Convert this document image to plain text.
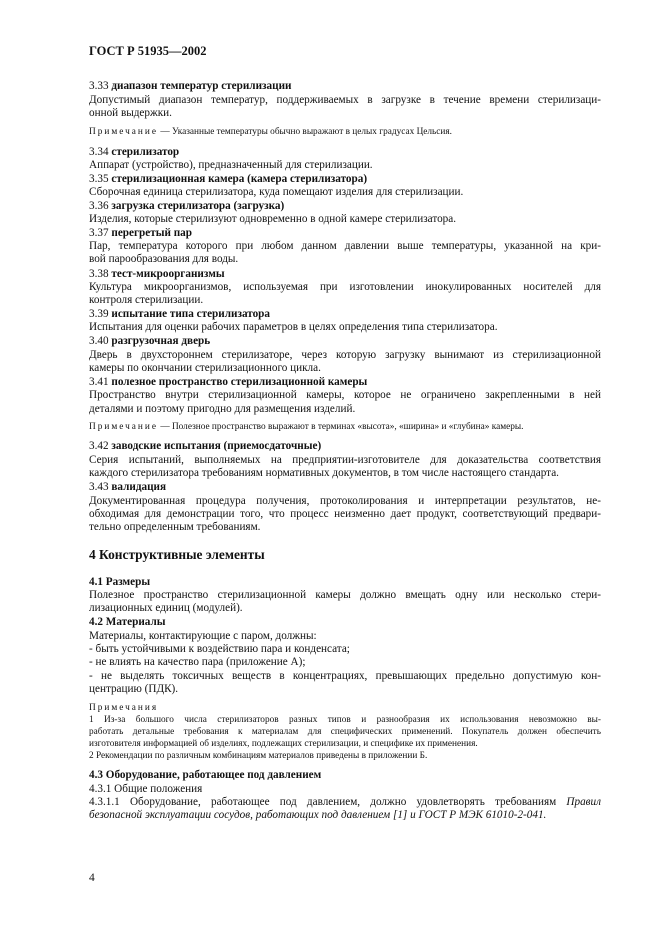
ГОСТ Р 51935—2002
3.33 диапазон температур стерилизации
Допустимый диапазон температур, поддерживаемых в загрузке в течение времени стерилизаци-
онной выдержки.
Примечание — Указанные температуры обычно выражают в целых градусах Цельсия.
3.34 стерилизатор
Аппарат (устройство), предназначенный для стерилизации.
3.35 стерилизационная камера (камера стерилизатора)
Сборочная единица стерилизатора, куда помещают изделия для стерилизации.
3.36 загрузка стерилизатора (загрузка)
Изделия, которые стерилизуют одновременно в одной камере стерилизатора.
3.37 перегретый пар
Пар, температура которого при любом данном давлении выше температуры, указанной на кри-
вой парообразования для воды.
3.38 тест-микроорганизмы
Культура микроорганизмов, используемая при изготовлении инокулированных носителей для
контроля стерилизации.
3.39 испытание типа стерилизатора
Испытания для оценки рабочих параметров в целях определения типа стерилизатора.
3.40 разгрузочная дверь
Дверь в двухстороннем стерилизаторе, через которую загрузку вынимают из стерилизационной
камеры по окончании стерилизационного цикла.
3.41 полезное пространство стерилизационной камеры
Пространство внутри стерилизационной камеры, которое не ограничено закрепленными в ней
деталями и поэтому пригодно для размещения изделий.
Примечание — Полезное пространство выражают в терминах «высота», «ширина» и «глубина» камеры.
3.42 заводские испытания (приемосдаточные)
Серия испытаний, выполняемых на предприятии-изготовителе для доказательства соответствия
каждого стерилизатора требованиям нормативных документов, в том числе настоящего стандарта.
3.43 валидация
Документированная процедура получения, протоколирования и интерпретации результатов, не-
обходимая для демонстрации того, что процесс неизменно дает продукт, соответствующий предвари-
тельно определенным требованиям.
4 Конструктивные элементы
4.1 Размеры
Полезное пространство стерилизационной камеры должно вмещать одну или несколько стери-
лизационных единиц (модулей).
4.2 Материалы
Материалы, контактирующие с паром, должны:
- быть устойчивыми к воздействию пара и конденсата;
- не влиять на качество пара (приложение А);
- не выделять токсичных веществ в концентрациях, превышающих предельно допустимую кон-
центрацию (ПДК).
Примечания
1 Из-за большого числа стерилизаторов разных типов и разнообразия их использования невозможно вы-
работать детальные требования к материалам для специфических применений. Покупатель должен обеспечить
изготовителя информацией об изделиях, подлежащих стерилизации, и специфике их применения.
2 Рекомендации по различным комбинациям материалов приведены в приложении Б.
4.3 Оборудование, работающее под давлением
4.3.1 Общие положения
4.3.1.1 Оборудование, работающее под давлением, должно удовлетворять требованиям Правил
безопасной эксплуатации сосудов, работающих под давлением [1] и ГОСТ Р МЭК 61010-2-041.
4
